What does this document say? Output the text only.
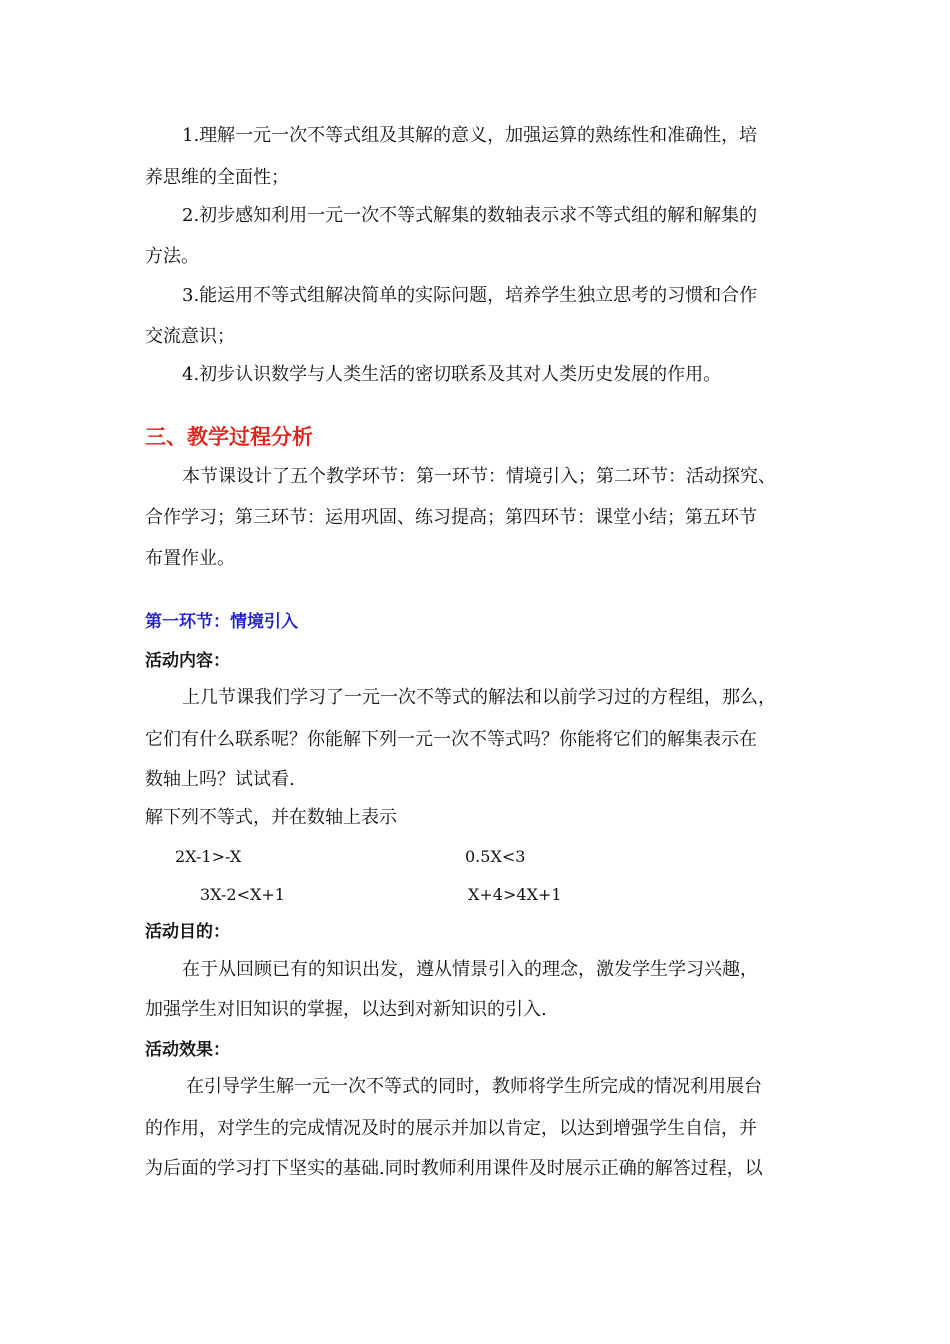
1.理解一元一次不等式组及其解的意义，加强运算的熟练性和准确性，培
养思维的全面性；
2.初步感知利用一元一次不等式解集的数轴表示求不等式组的解和解集的
方法。
3.能运用不等式组解决简单的实际问题，培养学生独立思考的习惯和合作
交流意识；
4.初步认识数学与人类生活的密切联系及其对人类历史发展的作用。
三、教学过程分析
本节课设计了五个教学环节：第一环节：情境引入；第二环节：活动探究、
合作学习；第三环节：运用巩固、练习提高；第四环节：课堂小结；第五环节
布置作业。
第一环节：情境引入
活动内容：
上几节课我们学习了一元一次不等式的解法和以前学习过的方程组，那么，
它们有什么联系呢？你能解下列一元一次不等式吗？你能将它们的解集表示在
数轴上吗？试试看.
解下列不等式，并在数轴上表示
2X-1>-X	0.5X<3
3X-2<X+1	X+4>4X+1
活动目的：
在于从回顾已有的知识出发，遵从情景引入的理念，激发学生学习兴趣，
加强学生对旧知识的掌握，以达到对新知识的引入.
活动效果：
在引导学生解一元一次不等式的同时，教师将学生所完成的情况利用展台
的作用，对学生的完成情况及时的展示并加以肯定，以达到增强学生自信，并
为后面的学习打下坚实的基础.同时教师利用课件及时展示正确的解答过程，以
